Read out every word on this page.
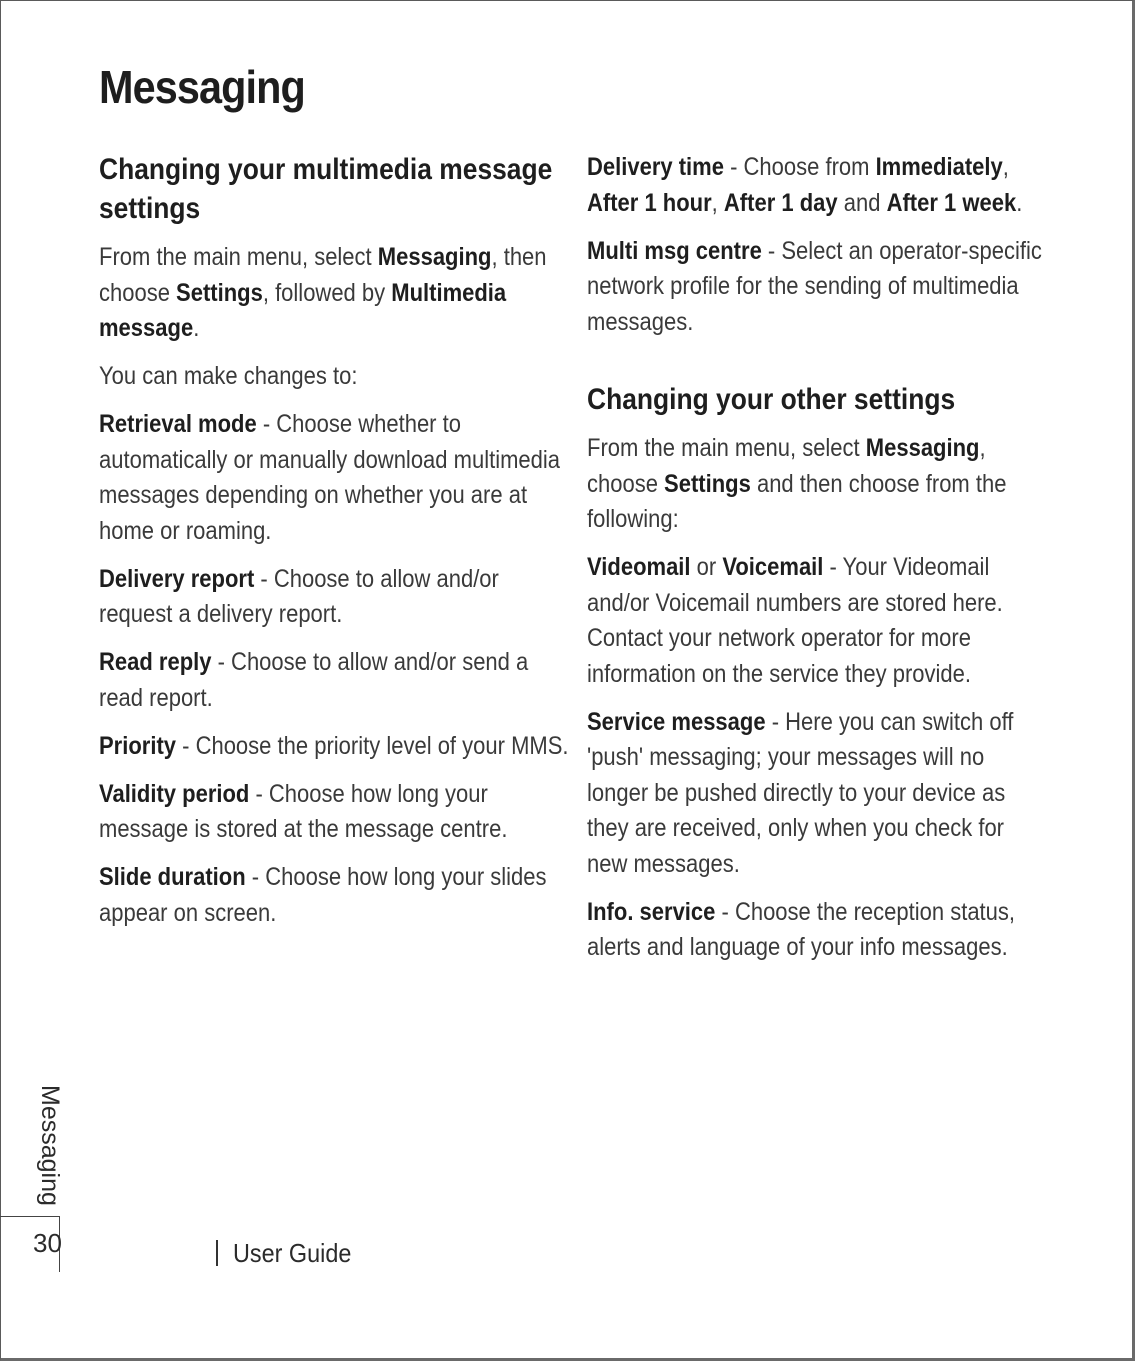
Messaging
Changing your multimedia message settings

From the main menu, select Messaging, then choose Settings, followed by Multimedia message.

You can make changes to:

Retrieval mode - Choose whether to automatically or manually download multimedia messages depending on whether you are at home or roaming.

Delivery report - Choose to allow and/or request a delivery report.

Read reply - Choose to allow and/or send a read report.

Priority - Choose the priority level of your MMS.

Validity period - Choose how long your message is stored at the message centre.

Slide duration - Choose how long your slides appear on screen.

Delivery time - Choose from Immediately, After 1 hour, After 1 day and After 1 week.

Multi msg centre - Select an operator-specific network profile for the sending of multimedia messages.

Changing your other settings

From the main menu, select Messaging, choose Settings and then choose from the following:

Videomail or Voicemail - Your Videomail and/or Voicemail numbers are stored here. Contact your network operator for more information on the service they provide.

Service message - Here you can switch off 'push' messaging; your messages will no longer be pushed directly to your device as they are received, only when you check for new messages.

Info. service - Choose the reception status, alerts and language of your info messages.

Messaging
30	User Guide
